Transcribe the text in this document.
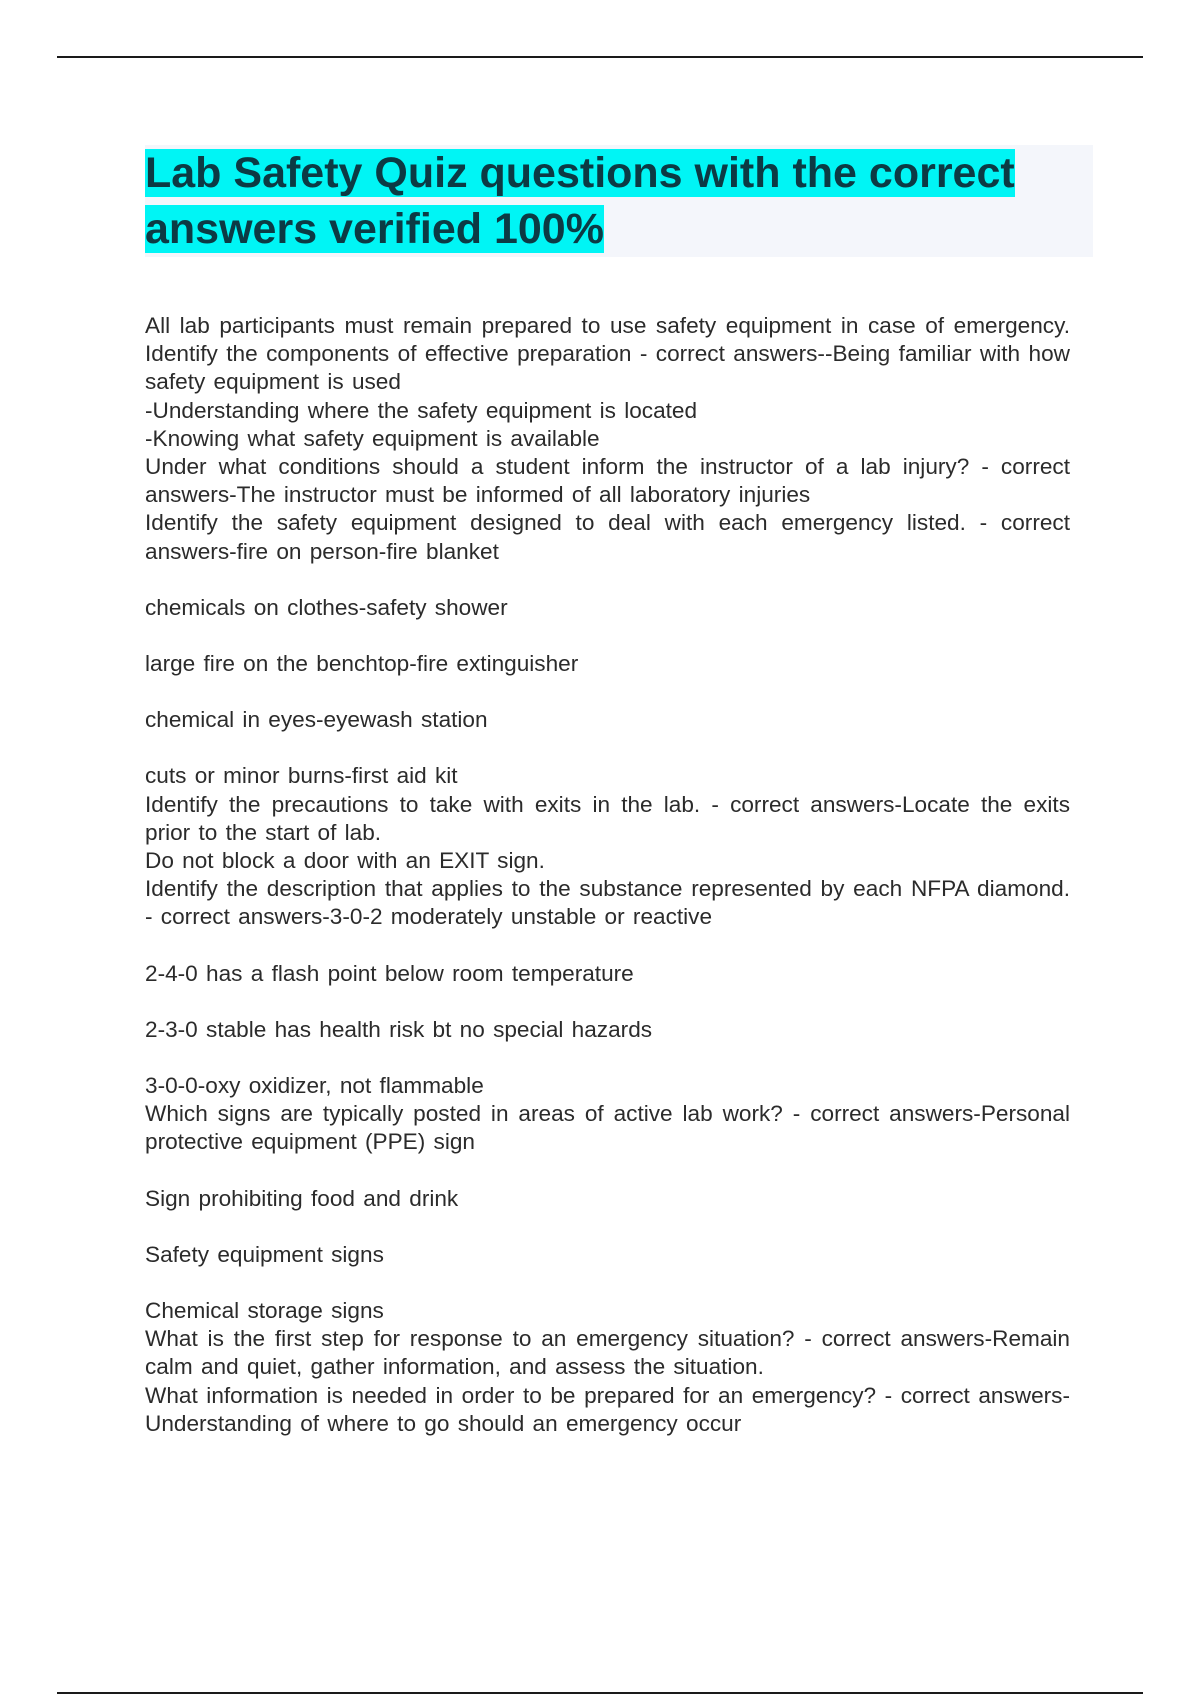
Lab Safety Quiz questions with the correct answers verified 100%

All lab participants must remain prepared to use safety equipment in case of emergency. Identify the components of effective preparation - correct answers--Being familiar with how safety equipment is used

-Understanding where the safety equipment is located

-Knowing what safety equipment is available

Under what conditions should a student inform the instructor of a lab injury? - correct answers-The instructor must be informed of all laboratory injuries

Identify the safety equipment designed to deal with each emergency listed. - correct answers-fire on person-fire blanket

chemicals on clothes-safety shower

large fire on the benchtop-fire extinguisher

chemical in eyes-eyewash station

cuts or minor burns-first aid kit

Identify the precautions to take with exits in the lab. - correct answers-Locate the exits prior to the start of lab.

Do not block a door with an EXIT sign.

Identify the description that applies to the substance represented by each NFPA diamond. - correct answers-3-0-2 moderately unstable or reactive

2-4-0 has a flash point below room temperature

2-3-0 stable has health risk bt no special hazards

3-0-0-oxy oxidizer, not flammable

Which signs are typically posted in areas of active lab work? - correct answers-Personal protective equipment (PPE) sign

Sign prohibiting food and drink

Safety equipment signs

Chemical storage signs

What is the first step for response to an emergency situation? - correct answers-Remain calm and quiet, gather information, and assess the situation.

What information is needed in order to be prepared for an emergency? - correct answers-Understanding of where to go should an emergency occur
